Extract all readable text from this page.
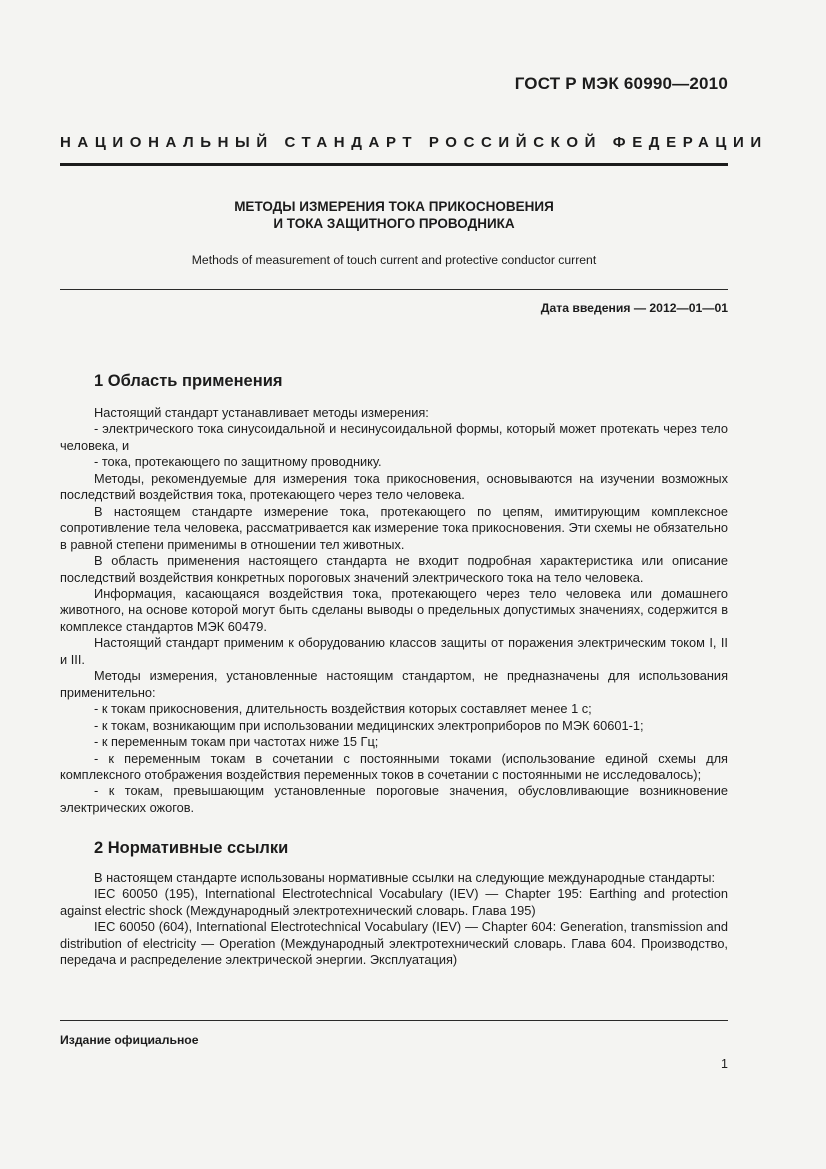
ГОСТ Р МЭК 60990—2010
НАЦИОНАЛЬНЫЙ СТАНДАРТ РОССИЙСКОЙ ФЕДЕРАЦИИ
МЕТОДЫ ИЗМЕРЕНИЯ ТОКА ПРИКОСНОВЕНИЯ
И ТОКА ЗАЩИТНОГО ПРОВОДНИКА
Methods of measurement of touch current and protective conductor current
Дата введения — 2012—01—01
1 Область применения

Настоящий стандарт устанавливает методы измерения:

- электрического тока синусоидальной и несинусоидальной формы, который может протекать через тело человека, и

- тока, протекающего по защитному проводнику.

Методы, рекомендуемые для измерения тока прикосновения, основываются на изучении возможных последствий воздействия тока, протекающего через тело человека.

В настоящем стандарте измерение тока, протекающего по цепям, имитирующим комплексное сопротивление тела человека, рассматривается как измерение тока прикосновения. Эти схемы не обязательно в равной степени применимы в отношении тел животных.

В область применения настоящего стандарта не входит подробная характеристика или описание последствий воздействия конкретных пороговых значений электрического тока на тело человека.

Информация, касающаяся воздействия тока, протекающего через тело человека или домашнего животного, на основе которой могут быть сделаны выводы о предельных допустимых значениях, содержится в комплексе стандартов МЭК 60479.

Настоящий стандарт применим к оборудованию классов защиты от поражения электрическим током I, II и III.

Методы измерения, установленные настоящим стандартом, не предназначены для использования применительно:

- к токам прикосновения, длительность воздействия которых составляет менее 1 с;

- к токам, возникающим при использовании медицинских электроприборов по МЭК 60601-1;

- к переменным токам при частотах ниже 15 Гц;

- к переменным токам в сочетании с постоянными токами (использование единой схемы для комплексного отображения воздействия переменных токов в сочетании с постоянными не исследовалось);

- к токам, превышающим установленные пороговые значения, обусловливающие возникновение электрических ожогов.

2 Нормативные ссылки

В настоящем стандарте использованы нормативные ссылки на следующие международные стандарты:

IEC 60050 (195), International Electrotechnical Vocabulary (IEV) — Chapter 195: Earthing and protection against electric shock (Международный электротехнический словарь. Глава 195)

IEC 60050 (604), International Electrotechnical Vocabulary (IEV) — Chapter 604: Generation, transmission and distribution of electricity — Operation (Международный электротехнический словарь. Глава 604. Производство, передача и распределение электрической энергии. Эксплуатация)

Издание официальное
1
